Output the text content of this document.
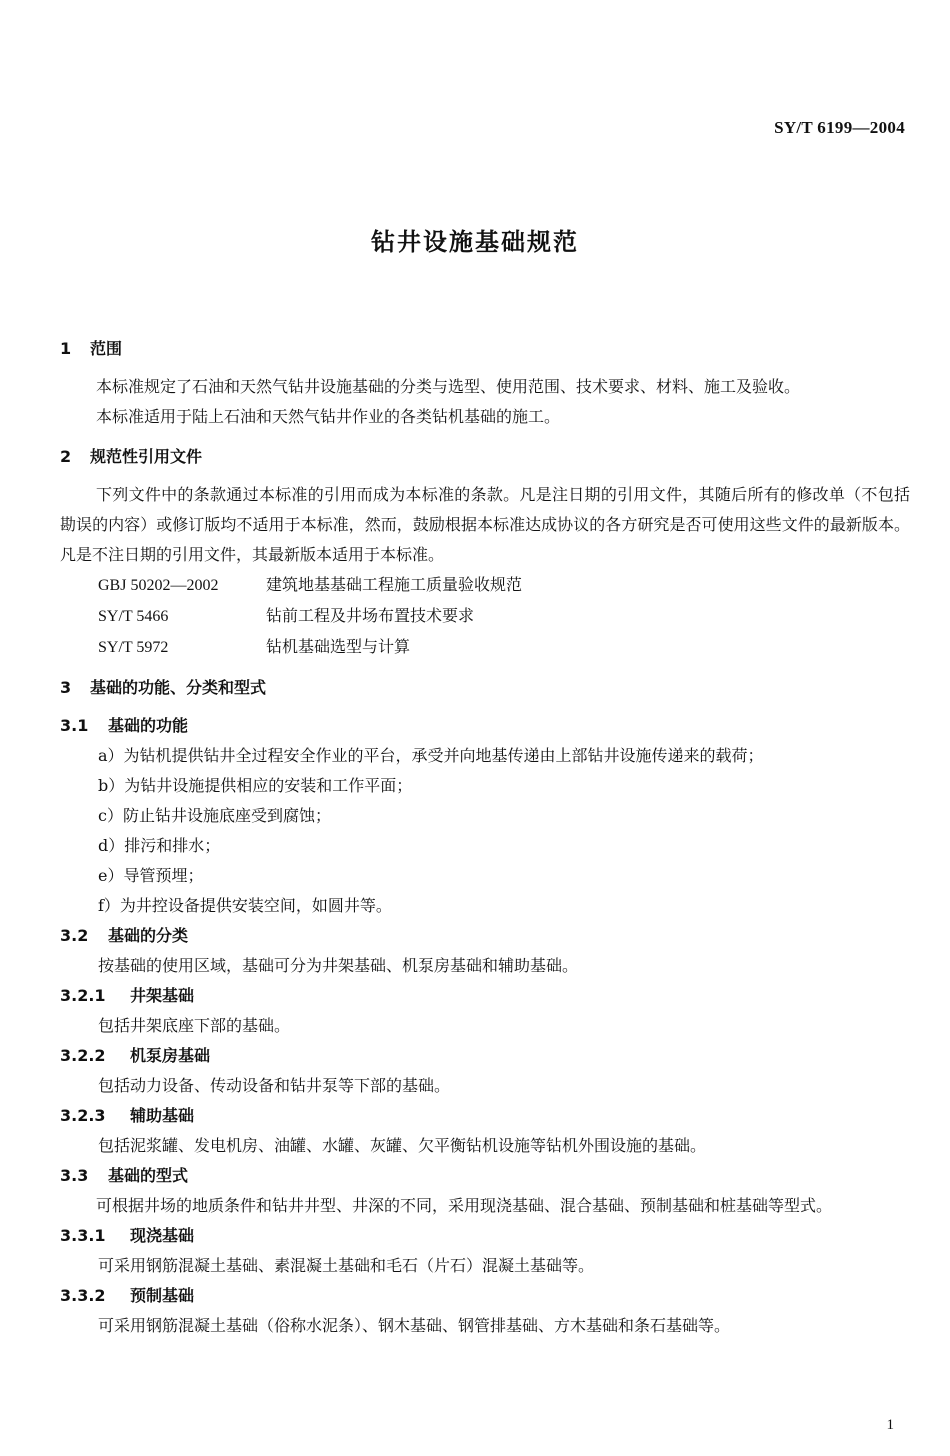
SY/T 6199—2004
钻井设施基础规范
1 范围
本标准规定了石油和天然气钻井设施基础的分类与选型、使用范围、技术要求、材料、施工及验收。
本标准适用于陆上石油和天然气钻井作业的各类钻机基础的施工。
2 规范性引用文件
下列文件中的条款通过本标准的引用而成为本标准的条款。凡是注日期的引用文件，其随后所有的修改单（不包括勘误的内容）或修订版均不适用于本标准，然而，鼓励根据本标准达成协议的各方研究是否可使用这些文件的最新版本。凡是不注日期的引用文件，其最新版本适用于本标准。
GBJ 50202—2002	建筑地基基础工程施工质量验收规范
SY/T 5466	钻前工程及井场布置技术要求
SY/T 5972	钻机基础选型与计算
3 基础的功能、分类和型式
3.1 基础的功能
a）为钻机提供钻井全过程安全作业的平台，承受并向地基传递由上部钻井设施传递来的载荷；
b）为钻井设施提供相应的安装和工作平面；
c）防止钻井设施底座受到腐蚀；
d）排污和排水；
e）导管预埋；
f）为井控设备提供安装空间，如圆井等。
3.2 基础的分类
按基础的使用区域，基础可分为井架基础、机泵房基础和辅助基础。
3.2.1 井架基础
包括井架底座下部的基础。
3.2.2 机泵房基础
包括动力设备、传动设备和钻井泵等下部的基础。
3.2.3 辅助基础
包括泥浆罐、发电机房、油罐、水罐、灰罐、欠平衡钻机设施等钻机外围设施的基础。
3.3 基础的型式
可根据井场的地质条件和钻井井型、井深的不同，采用现浇基础、混合基础、预制基础和桩基础等型式。
3.3.1 现浇基础
可采用钢筋混凝土基础、素混凝土基础和毛石（片石）混凝土基础等。
3.3.2 预制基础
可采用钢筋混凝土基础（俗称水泥条）、钢木基础、钢管排基础、方木基础和条石基础等。
1
